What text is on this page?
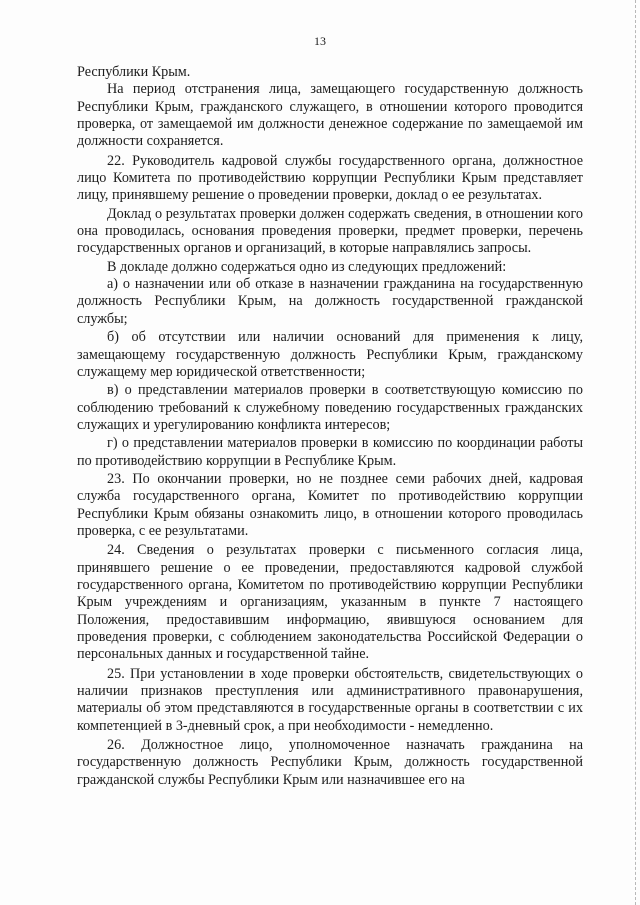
13

Республики Крым.

На период отстранения лица, замещающего государственную должность Республики Крым, гражданского служащего, в отношении которого проводится проверка, от замещаемой им должности денежное содержание по замещаемой им должности сохраняется.

22. Руководитель кадровой службы государственного органа, должностное лицо Комитета по противодействию коррупции Республики Крым представляет лицу, принявшему решение о проведении проверки, доклад о ее результатах.

Доклад о результатах проверки должен содержать сведения, в отношении кого она проводилась, основания проведения проверки, предмет проверки, перечень государственных органов и организаций, в которые направлялись запросы.

В докладе должно содержаться одно из следующих предложений:

а) о назначении или об отказе в назначении гражданина на государственную должность Республики Крым, на должность государственной гражданской службы;

б) об отсутствии или наличии оснований для применения к лицу, замещающему государственную должность Республики Крым, гражданскому служащему мер юридической ответственности;

в) о представлении материалов проверки в соответствующую комиссию по соблюдению требований к служебному поведению государственных гражданских служащих и урегулированию конфликта интересов;

г) о представлении материалов проверки в комиссию по координации работы по противодействию коррупции в Республике Крым.

23. По окончании проверки, но не позднее семи рабочих дней, кадровая служба государственного органа, Комитет по противодействию коррупции Республики Крым обязаны ознакомить лицо, в отношении которого проводилась проверка, с ее результатами.

24. Сведения о результатах проверки с письменного согласия лица, принявшего решение о ее проведении, предоставляются кадровой службой государственного органа, Комитетом по противодействию коррупции Республики Крым учреждениям и организациям, указанным в пункте 7 настоящего Положения, предоставившим информацию, явившуюся основанием для проведения проверки, с соблюдением законодательства Российской Федерации о персональных данных и государственной тайне.

25. При установлении в ходе проверки обстоятельств, свидетельствующих о наличии признаков преступления или административного правонарушения, материалы об этом представляются в государственные органы в соответствии с их компетенцией в 3-дневный срок, а при необходимости - немедленно.

26. Должностное лицо, уполномоченное назначать гражданина на государственную должность Республики Крым, должность государственной гражданской службы Республики Крым или назначившее его на
